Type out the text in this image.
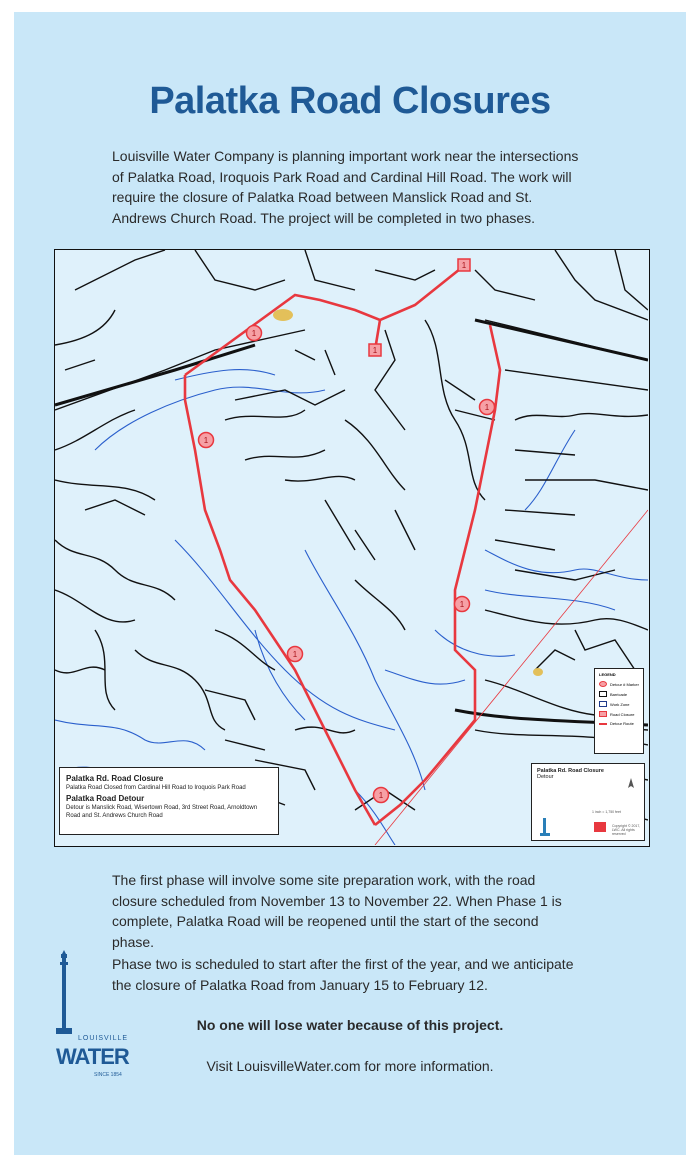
Palatka Road Closures
Louisville Water Company is planning important work near the intersections of Palatka Road, Iroquois Park Road and Cardinal Hill Road. The work will require the closure of Palatka Road between Manslick Road and St. Andrews Church Road. The project will be completed in two phases.
1
1
1
1
1
1
1
1
LEGEND
Detour # Marker
Barricade
Work Zone
Road Closure
Detour Route
Palatka Rd. Road Closure
Palatka Road Closed from Cardinal Hill Road to Iroquois Park Road
Palatka Road Detour
Detour is Manslick Road, Wisertown Road, 3rd Street Road, Arnoldtown Road and St. Andrews Church Road
Palatka Rd. Road Closure
Detour
1 inch = 1,750 feet
Copyright © 2017, LWC. All rights reserved
The first phase will involve some site preparation work, with the road closure scheduled from November 13 to November 22. When Phase 1 is complete, Palatka Road will be reopened until the start of the second phase.
Phase two is scheduled to start after the first of the year, and we anticipate the closure of Palatka Road from January 15 to February 12.
No one will lose water because of this project.
Visit LouisvilleWater.com for more information.
LOUISVILLE
WATER
SINCE 1854
